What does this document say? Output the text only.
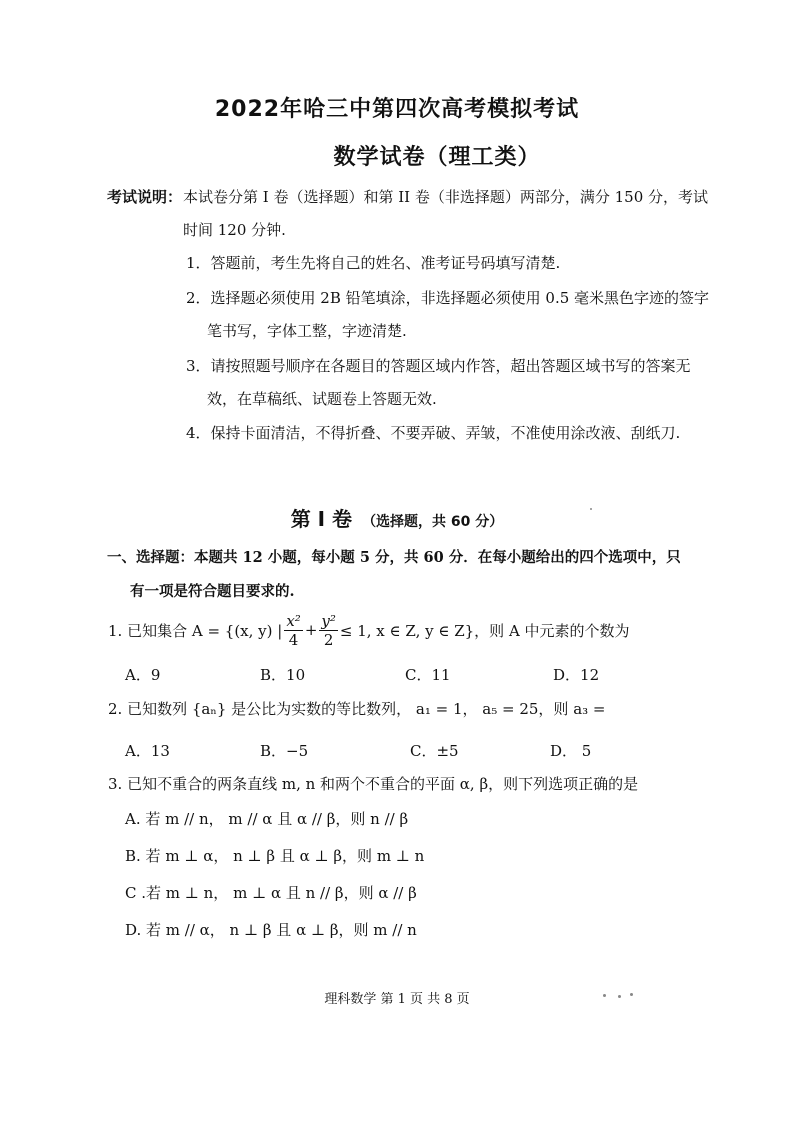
2022年哈三中第四次高考模拟考试
数学试卷（理工类）
考试说明： 本试卷分第 I 卷（选择题）和第 II 卷（非选择题）两部分，满分 150 分，考试
时间 120 分钟.
1．答题前，考生先将自己的姓名、准考证号码填写清楚.
2．选择题必须使用 2B 铅笔填涂，非选择题必须使用 0.5 毫米黑色字迹的签字
笔书写，字体工整，字迹清楚.
3．请按照题号顺序在各题目的答题区域内作答，超出答题区域书写的答案无
效，在草稿纸、试题卷上答题无效.
4．保持卡面清洁，不得折叠、不要弄破、弄皱，不准使用涂改液、刮纸刀.
第 I 卷 （选择题，共 60 分）
一、选择题：本题共 12 小题，每小题 5 分，共 60 分．在每小题给出的四个选项中，只
有一项是符合题目要求的.
1. 已知集合 A = {(x, y) | $\frac{\text{x²}}{4} + \frac{\text{y²}}{2} \le 1$, x ∈ Z, y ∈ Z}，则 A 中元素的个数为
A．9	B．10	C．11	D．12
2. 已知数列 {aₙ} 是公比为实数的等比数列， a₁ = 1， a₅ = 25，则 a₃ =
A．13	B．−5	C．±5	D． 5
3. 已知不重合的两条直线 m, n 和两个不重合的平面 α, β，则下列选项正确的是
A. 若 m // n， m // α 且 α // β，则 n // β
B. 若 m ⊥ α， n ⊥ β 且 α ⊥ β，则 m ⊥ n
C .若 m ⊥ n， m ⊥ α 且 n // β，则 α // β
D. 若 m // α， n ⊥ β 且 α ⊥ β，则 m // n
理科数学 第 1 页 共 8 页
